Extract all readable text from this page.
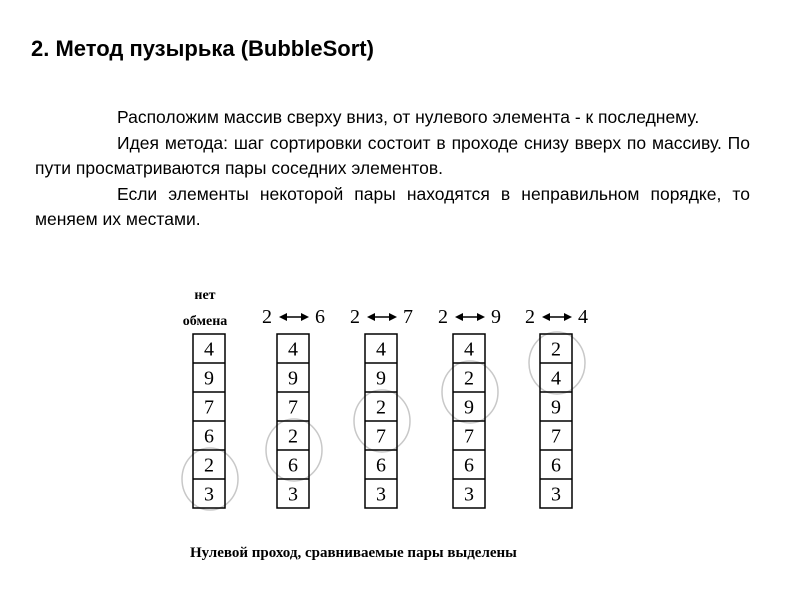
2. Метод пузырька (BubbleSort)

Расположим массив сверху вниз, от нулевого элемента - к последнему.

Идея метода: шаг сортировки состоит в проходе снизу вверх по массиву. По пути просматриваются пары соседних элементов.

Если элементы некоторой пары находятся в неправильном порядке, то меняем их местами.

Нулевой проход, сравниваемые пары выделены
4
9
7
6
2
3
нет
обмена
4
9
7
2
6
3
2 6
4
9
2
7
6
3
2 7
4
2
9
7
6
3
2 9
2
4
9
7
6
3
2 4
